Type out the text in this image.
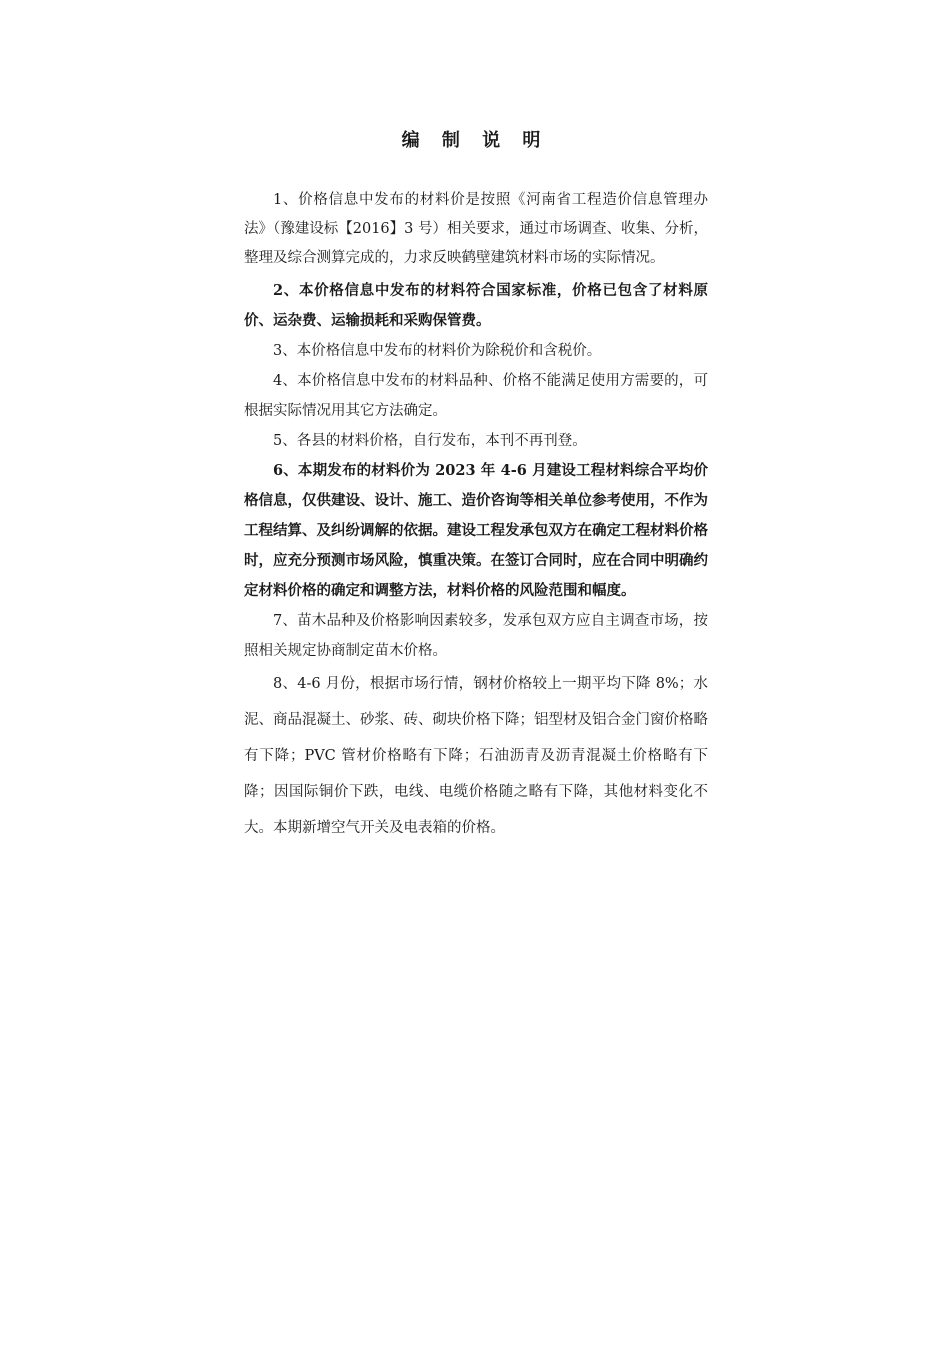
编 制 说 明

1、价格信息中发布的材料价是按照《河南省工程造价信息管理办法》（豫建设标【2016】3 号）相关要求，通过市场调查、收集、分析，整理及综合测算完成的，力求反映鹤壁建筑材料市场的实际情况。

2、本价格信息中发布的材料符合国家标准，价格已包含了材料原价、运杂费、运输损耗和采购保管费。

3、本价格信息中发布的材料价为除税价和含税价。

4、本价格信息中发布的材料品种、价格不能满足使用方需要的，可根据实际情况用其它方法确定。

5、各县的材料价格，自行发布，本刊不再刊登。

6、本期发布的材料价为 2023 年 4-6 月建设工程材料综合平均价格信息，仅供建设、设计、施工、造价咨询等相关单位参考使用，不作为工程结算、及纠纷调解的依据。建设工程发承包双方在确定工程材料价格时，应充分预测市场风险，慎重决策。在签订合同时，应在合同中明确约定材料价格的确定和调整方法，材料价格的风险范围和幅度。

7、苗木品种及价格影响因素较多，发承包双方应自主调查市场，按照相关规定协商制定苗木价格。

8、4-6 月份，根据市场行情，钢材价格较上一期平均下降 8%；水泥、商品混凝土、砂浆、砖、砌块价格下降；铝型材及铝合金门窗价格略有下降；PVC 管材价格略有下降；石油沥青及沥青混凝土价格略有下降；因国际铜价下跌，电线、电缆价格随之略有下降，其他材料变化不大。本期新增空气开关及电表箱的价格。
